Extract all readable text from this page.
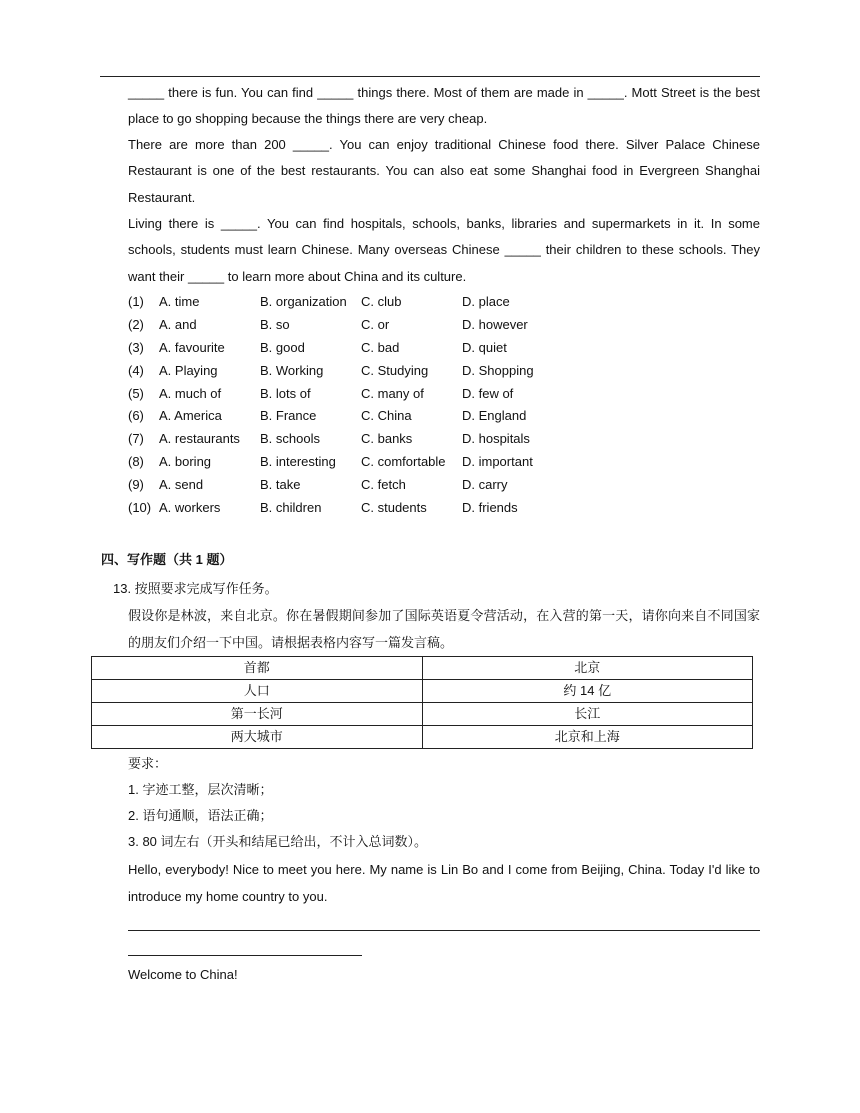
_____ there is fun. You can find _____ things there. Most of them are made in _____. Mott Street is the best place to go shopping because the things there are very cheap.
There are more than 200 _____. You can enjoy traditional Chinese food there. Silver Palace Chinese Restaurant is one of the best restaurants. You can also eat some Shanghai food in Evergreen Shanghai Restaurant.
Living there is _____. You can find hospitals, schools, banks, libraries and supermarkets in it. In some schools, students must learn Chinese. Many overseas Chinese _____ their children to these schools. They want their _____ to learn more about China and its culture.
(1) A. time	B. organization C. club	D. place
(2) A. and	B. so	C. or	D. however
(3) A. favourite	B. good	C. bad	D. quiet
(4) A. Playing	B. Working	C. Studying	D. Shopping
(5) A. much of	B. lots of	C. many of	D. few of
(6) A. America	B. France	C. China	D. England
(7) A. restaurants B. schools	C. banks	D. hospitals
(8) A. boring	B. interesting C. comfortable D. important
(9) A. send	B. take	C. fetch	D. carry
(10) A. workers	B. children	C. students	D. friends
四、写作题（共 1 题）
13. 按照要求完成写作任务。
假设你是林波，来自北京。你在暑假期间参加了国际英语夏令营活动，在入营的第一天，请你向来自不同国家的朋友们介绍一下中国。请根据表格内容写一篇发言稿。
首都	北京
人口	约 14 亿
第一长河	长江
两大城市	北京和上海
要求：
1. 字迹工整，层次清晰；
2. 语句通顺，语法正确；
3. 80 词左右（开头和结尾已给出，不计入总词数）。
Hello, everybody! Nice to meet you here. My name is Lin Bo and I come from Beijing, China. Today I'd like to introduce my home country to you.
Welcome to China!
